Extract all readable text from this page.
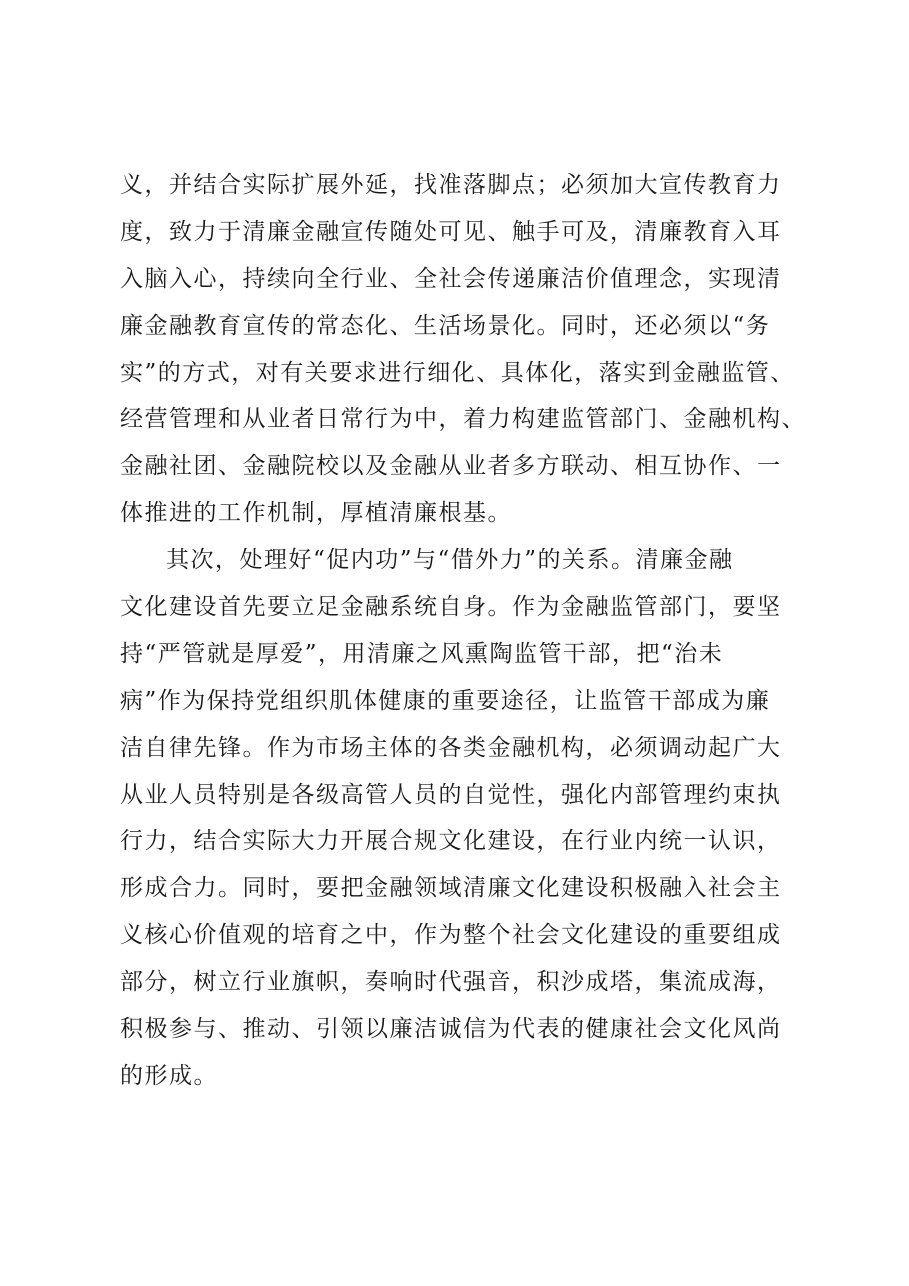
义，并结合实际扩展外延，找准落脚点；必须加大宣传教育力
度，致力于清廉金融宣传随处可见、触手可及，清廉教育入耳
入脑入心，持续向全行业、全社会传递廉洁价值理念，实现清
廉金融教育宣传的常态化、生活场景化。同时，还必须以“务
实”的方式，对有关要求进行细化、具体化，落实到金融监管、
经营管理和从业者日常行为中，着力构建监管部门、金融机构、
金融社团、金融院校以及金融从业者多方联动、相互协作、一
体推进的工作机制，厚植清廉根基。
其次，处理好“促内功”与“借外力”的关系。清廉金融
文化建设首先要立足金融系统自身。作为金融监管部门，要坚
持“严管就是厚爱”，用清廉之风熏陶监管干部，把“治未
病”作为保持党组织肌体健康的重要途径，让监管干部成为廉
洁自律先锋。作为市场主体的各类金融机构，必须调动起广大
从业人员特别是各级高管人员的自觉性，强化内部管理约束执
行力，结合实际大力开展合规文化建设，在行业内统一认识，
形成合力。同时，要把金融领域清廉文化建设积极融入社会主
义核心价值观的培育之中，作为整个社会文化建设的重要组成
部分，树立行业旗帜，奏响时代强音，积沙成塔，集流成海，
积极参与、推动、引领以廉洁诚信为代表的健康社会文化风尚
的形成。
